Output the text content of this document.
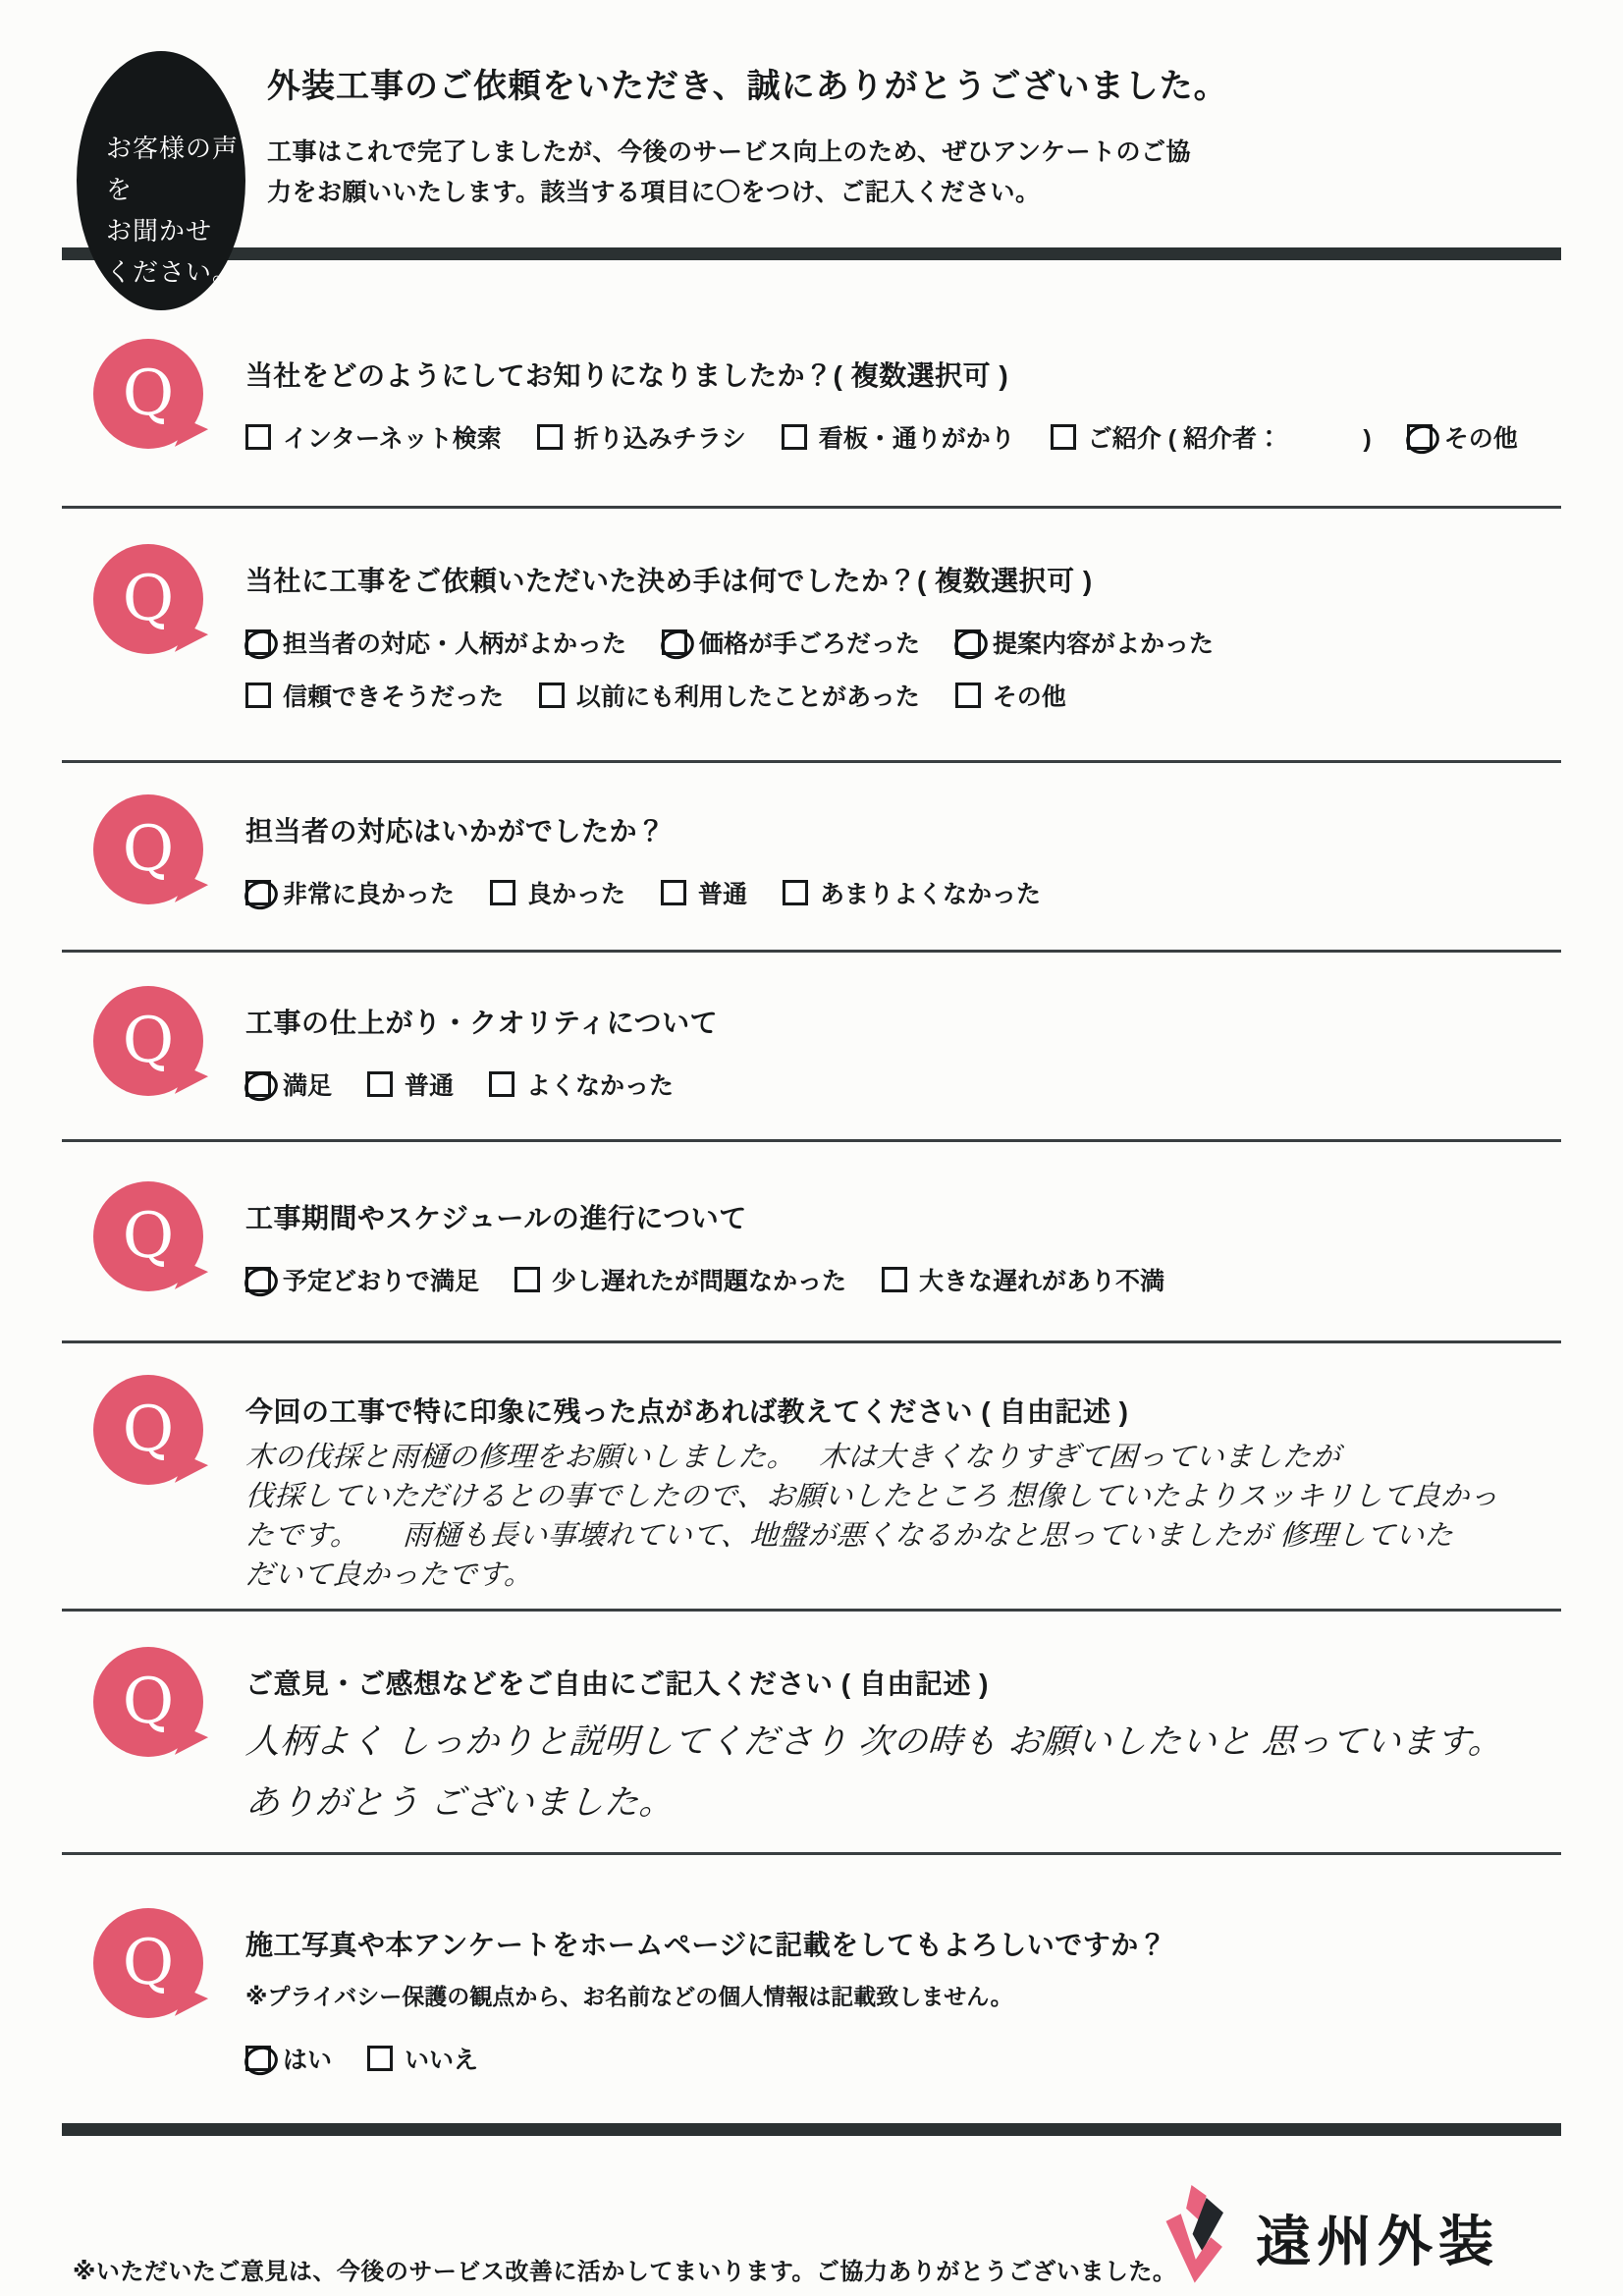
お客様の声を
お聞かせ
ください。
外装工事のご依頼をいただき、誠にありがとうございました。
工事はこれで完了しましたが、今後のサービス向上のため、ぜひアンケートのご協
力をお願いいたします。該当する項目に〇をつけ、ご記入ください。
Q	当社をどのようにしてお知りになりましたか？( 複数選択可 )
インターネット検索	折り込みチラシ	看板・通りがかり	ご紹介 ( 紹介者：            )	その他
Q	当社に工事をご依頼いただいた決め手は何でしたか？( 複数選択可 )
担当者の対応・人柄がよかった	価格が手ごろだった	提案内容がよかった
信頼できそうだった	以前にも利用したことがあった	その他
Q	担当者の対応はいかがでしたか？
非常に良かった	良かった	普通	あまりよくなかった
Q	工事の仕上がり・クオリティについて
満足	普通	よくなかった
Q	工事期間やスケジュールの進行について
予定どおりで満足	少し遅れたが問題なかった	大きな遅れがあり不満
Q	今回の工事で特に印象に残った点があれば教えてください ( 自由記述 )
木の伐採と雨樋の修理をお願いしました。　 木は大きくなりすぎて困っていましたが
伐採していただけるとの事でしたので、お願いしたところ 想像していたよりスッキリして良かっ
たです。　　雨樋も長い事壊れていて、地盤が悪くなるかなと思っていましたが 修理していた
だいて良かったです。
Q	ご意見・ご感想などをご自由にご記入ください ( 自由記述 )
人柄よく しっかりと説明してくださり 次の時も お願いしたいと 思っています。
ありがとう ございました。
Q	施工写真や本アンケートをホームページに記載をしてもよろしいですか？
※プライバシー保護の観点から、お名前などの個人情報は記載致しません。
はい	いいえ
※いただいたご意見は、今後のサービス改善に活かしてまいります。ご協力ありがとうございました。 遠州外装
